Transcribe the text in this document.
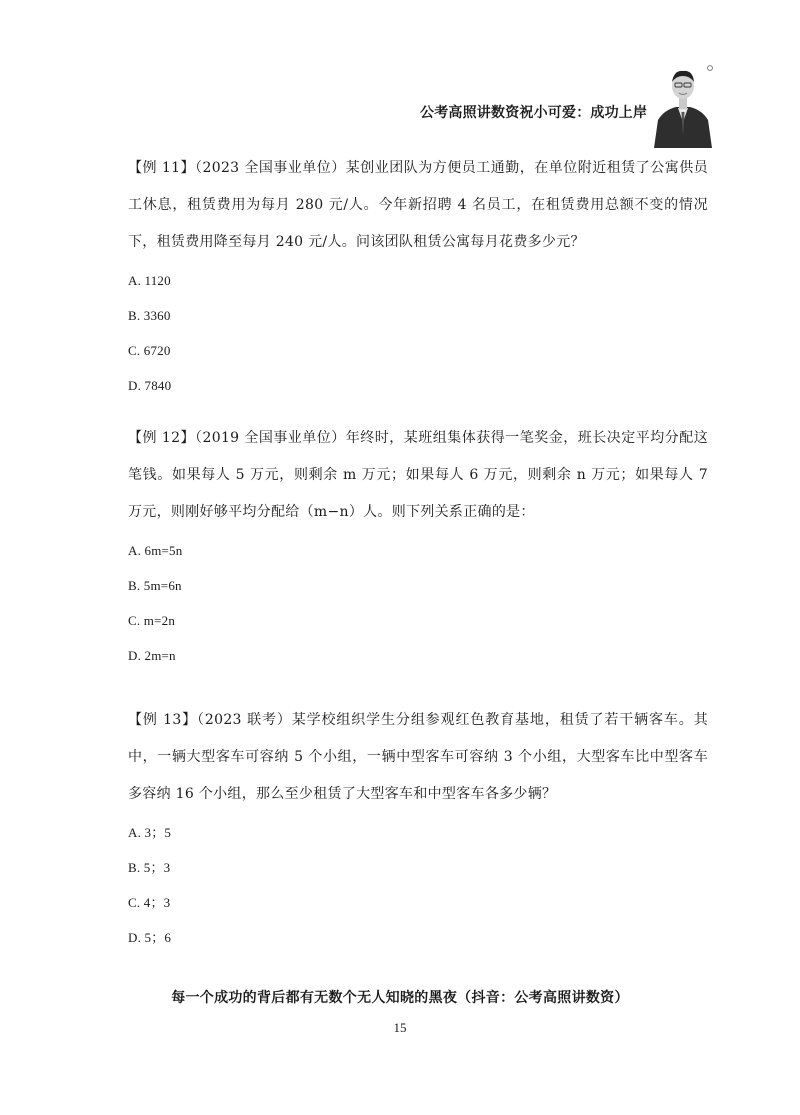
公考高照讲数资祝小可爱：成功上岸

【例 11】（2023 全国事业单位）某创业团队为方便员工通勤，在单位附近租赁了公寓供员工休息，租赁费用为每月 280 元/人。今年新招聘 4 名员工，在租赁费用总额不变的情况下，租赁费用降至每月 240 元/人。问该团队租赁公寓每月花费多少元？

A. 1120

B. 3360

C. 6720

D. 7840

【例 12】（2019 全国事业单位）年终时，某班组集体获得一笔奖金，班长决定平均分配这笔钱。如果每人 5 万元，则剩余 m 万元；如果每人 6 万元，则剩余 n 万元；如果每人 7 万元，则刚好够平均分配给（m−n）人。则下列关系正确的是：

A. 6m=5n

B. 5m=6n

C. m=2n

D. 2m=n

【例 13】（2023 联考）某学校组织学生分组参观红色教育基地，租赁了若干辆客车。其中，一辆大型客车可容纳 5 个小组，一辆中型客车可容纳 3 个小组，大型客车比中型客车多容纳 16 个小组，那么至少租赁了大型客车和中型客车各多少辆？

A. 3；5

B. 5；3

C. 4；3

D. 5；6

每一个成功的背后都有无数个无人知晓的黑夜（抖音：公考高照讲数资）
15
